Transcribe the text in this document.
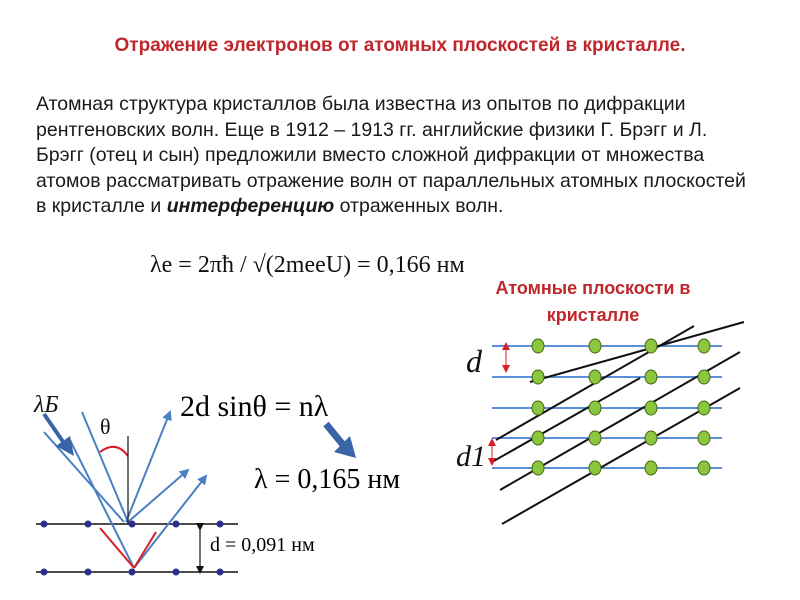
Отражение электронов от атомных плоскостей в кристалле.

Атомная структура кристаллов была известна из опытов по дифракции рентгеновских волн. Еще в 1912 – 1913 гг. английские физики Г. Брэгг и Л. Брэгг (отец и сын) предложили вместо сложной дифракции от множества атомов рассматривать отражение волн от параллельных атомных плоскостей в кристалле и интерференцию отраженных волн.

λe = 2πħ / √(2meeU) = 0,166 нм
λБ
θ
d
d1
2d sinθ = nλ
λ = 0,165 нм
d = 0,091 нм

Атомные плоскости в кристалле
